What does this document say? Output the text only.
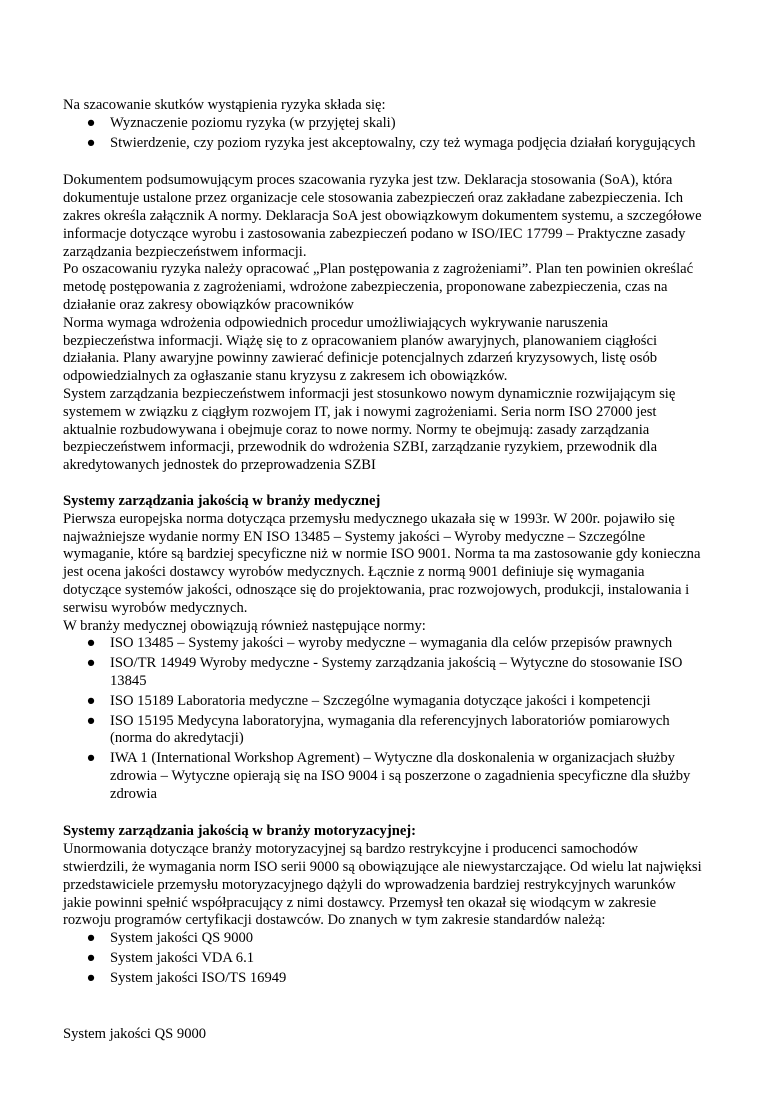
Na szacowanie skutków wystąpienia ryzyka składa się:

● Wyznaczenie poziomu ryzyka (w przyjętej skali)
● Stwierdzenie, czy poziom ryzyka jest akceptowalny, czy też wymaga podjęcia działań korygujących

Dokumentem podsumowującym proces szacowania ryzyka jest tzw. Deklaracja stosowania (SoA), która dokumentuje ustalone przez organizacje cele stosowania zabezpieczeń oraz zakładane zabezpieczenia. Ich zakres określa załącznik A normy. Deklaracja SoA jest obowiązkowym dokumentem systemu, a szczegółowe informacje dotyczące wyrobu i zastosowania zabezpieczeń podano w ISO/IEC 17799 – Praktyczne zasady zarządzania bezpieczeństwem informacji.

Po oszacowaniu ryzyka należy opracować „Plan postępowania z zagrożeniami”. Plan ten powinien określać metodę postępowania z zagrożeniami, wdrożone zabezpieczenia, proponowane zabezpieczenia, czas na działanie oraz zakresy obowiązków pracowników

Norma wymaga wdrożenia odpowiednich procedur umożliwiających wykrywanie naruszenia bezpieczeństwa informacji. Wiążę się to z opracowaniem planów awaryjnych, planowaniem ciągłości działania. Plany awaryjne powinny zawierać definicje potencjalnych zdarzeń kryzysowych, listę osób odpowiedzialnych za ogłaszanie stanu kryzysu z zakresem ich obowiązków.

System zarządzania bezpieczeństwem informacji jest stosunkowo nowym dynamicznie rozwijającym się systemem w związku z ciągłym rozwojem IT, jak i nowymi zagrożeniami. Seria norm ISO 27000 jest aktualnie rozbudowywana i obejmuje coraz to nowe normy. Normy te obejmują: zasady zarządzania bezpieczeństwem informacji, przewodnik do wdrożenia SZBI, zarządzanie ryzykiem, przewodnik dla akredytowanych jednostek do przeprowadzenia SZBI

Systemy zarządzania jakością w branży medycznej

Pierwsza europejska norma dotycząca przemysłu medycznego ukazała się w 1993r. W 200r. pojawiło się najważniejsze wydanie normy EN ISO 13485 – Systemy jakości – Wyroby medyczne – Szczególne wymaganie, które są bardziej specyficzne niż w normie ISO 9001. Norma ta ma zastosowanie gdy konieczna jest ocena jakości dostawcy wyrobów medycznych. Łącznie z normą 9001 definiuje się wymagania dotyczące systemów jakości, odnoszące się do projektowania, prac rozwojowych, produkcji, instalowania i serwisu wyrobów medycznych.

W branży medycznej obowiązują również następujące normy:

● ISO 13485 – Systemy jakości – wyroby medyczne – wymagania dla celów przepisów prawnych
● ISO/TR 14949 Wyroby medyczne - Systemy zarządzania jakością – Wytyczne do stosowanie ISO 13845
● ISO 15189 Laboratoria medyczne – Szczególne wymagania dotyczące jakości i kompetencji
● ISO 15195 Medycyna laboratoryjna, wymagania dla referencyjnych laboratoriów pomiarowych (norma do akredytacji)
● IWA 1 (International Workshop Agrement) – Wytyczne dla doskonalenia w organizacjach służby zdrowia – Wytyczne opierają się na ISO 9004 i są poszerzone o zagadnienia specyficzne dla służby zdrowia

Systemy zarządzania jakością w branży motoryzacyjnej:

Unormowania dotyczące branży motoryzacyjnej są bardzo restrykcyjne i producenci samochodów stwierdzili, że wymagania norm ISO serii 9000 są obowiązujące ale niewystarczające. Od wielu lat najwięksi przedstawiciele przemysłu motoryzacyjnego dążyli do wprowadzenia bardziej restrykcyjnych warunków jakie powinni spełnić współpracujący z nimi dostawcy. Przemysł ten okazał się wiodącym w zakresie rozwoju programów certyfikacji dostawców. Do znanych w tym zakresie standardów należą:

● System jakości QS 9000
● System jakości VDA 6.1
● System jakości ISO/TS 16949

System jakości QS 9000
